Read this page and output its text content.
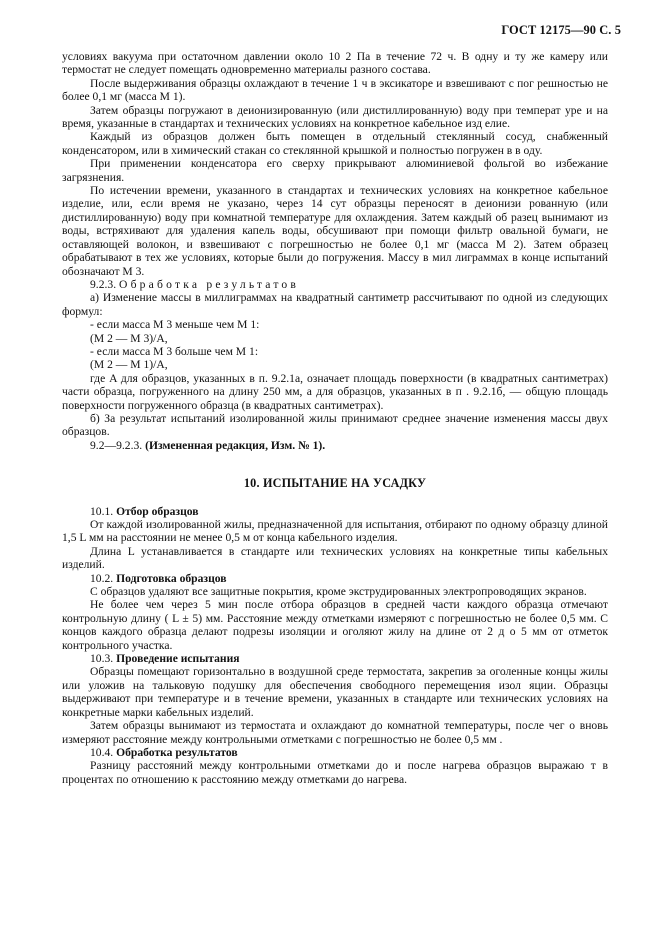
ГОСТ 12175—90 С. 5

условиях вакуума при остаточном давлении около 10 2 Па в течение 72 ч. В одну и ту же камеру или термостат не следует помещать одновременно материалы разного состава.

После выдерживания образцы охлаждают в течение 1 ч в эксикаторе и взвешивают с пог решностью не более 0,1 мг (масса M 1).

Затем образцы погружают в деионизированную (или дистиллированную) воду при температ уре и на время, указанные в стандартах и технических условиях на конкретное кабельное изд елие.

Каждый из образцов должен быть помещен в отдельный стеклянный сосуд, снабженный конденсатором, или в химический стакан со стеклянной крышкой и полностью погружен в в оду.

При применении конденсатора его сверху прикрывают алюминиевой фольгой во избежание загрязнения.

По истечении времени, указанного в стандартах и технических условиях на конкретное кабельное изделие, или, если время не указано, через 14 сут образцы переносят в деионизи рованную (или дистиллированную) воду при комнатной температуре для охлаждения. Затем каждый об разец вынимают из воды, встряхивают для удаления капель воды, обсушивают при помощи фильтр овальной бумаги, не оставляющей волокон, и взвешивают с погрешностью не более 0,1 мг (масса M 2). Затем образец обрабатывают в тех же условиях, которые были до погружения. Массу в мил лиграммах в конце испытаний обозначают M 3.

9.2.3. Обработка результатов

а) Изменение массы в миллиграммах на квадратный сантиметр рассчитывают по одной из следующих формул:

- если масса M 3 меньше чем M 1:

(M 2 — M 3)/A,

- если масса M 3 больше чем M 1:

(M 2 — M 1)/A,

где A для образцов, указанных в п. 9.2.1а, означает площадь поверхности (в квадратных сантиметрах) части образца, погруженного на длину 250 мм, а для образцов, указанных в п . 9.2.1б, — общую площадь поверхности погруженного образца (в квадратных сантиметрах).

б) За результат испытаний изолированной жилы принимают среднее значение изменения массы двух образцов.

9.2—9.2.3. (Измененная редакция, Изм. № 1).

10. ИСПЫТАНИЕ НА УСАДКУ

10.1. Отбор образцов

От каждой изолированной жилы, предназначенной для испытания, отбирают по одному образцу длиной 1,5 L мм на расстоянии не менее 0,5 м от конца кабельного изделия.

Длина L устанавливается в стандарте или технических условиях на конкретные типы кабельных изделий.

10.2. Подготовка образцов

С образцов удаляют все защитные покрытия, кроме экструдированных электропроводящих экранов.

Не более чем через 5 мин после отбора образцов в средней части каждого образца отмечают контрольную длину ( L ± 5) мм. Расстояние между отметками измеряют с погрешностью не более 0,5 мм. С концов каждого образца делают подрезы изоляции и оголяют жилу на длине от 2 д о 5 мм от отметок контрольного участка.

10.3. Проведение испытания

Образцы помещают горизонтально в воздушной среде термостата, закрепив за оголенные концы жилы или уложив на тальковую подушку для обеспечения свободного перемещения изол яции. Образцы выдерживают при температуре и в течение времени, указанных в стандарте или технических условиях на конкретные марки кабельных изделий.

Затем образцы вынимают из термостата и охлаждают до комнатной температуры, после чег о вновь измеряют расстояние между контрольными отметками с погрешностью не более 0,5 мм .

10.4. Обработка результатов

Разницу расстояний между контрольными отметками до и после нагрева образцов выражаю т в процентах по отношению к расстоянию между отметками до нагрева.
